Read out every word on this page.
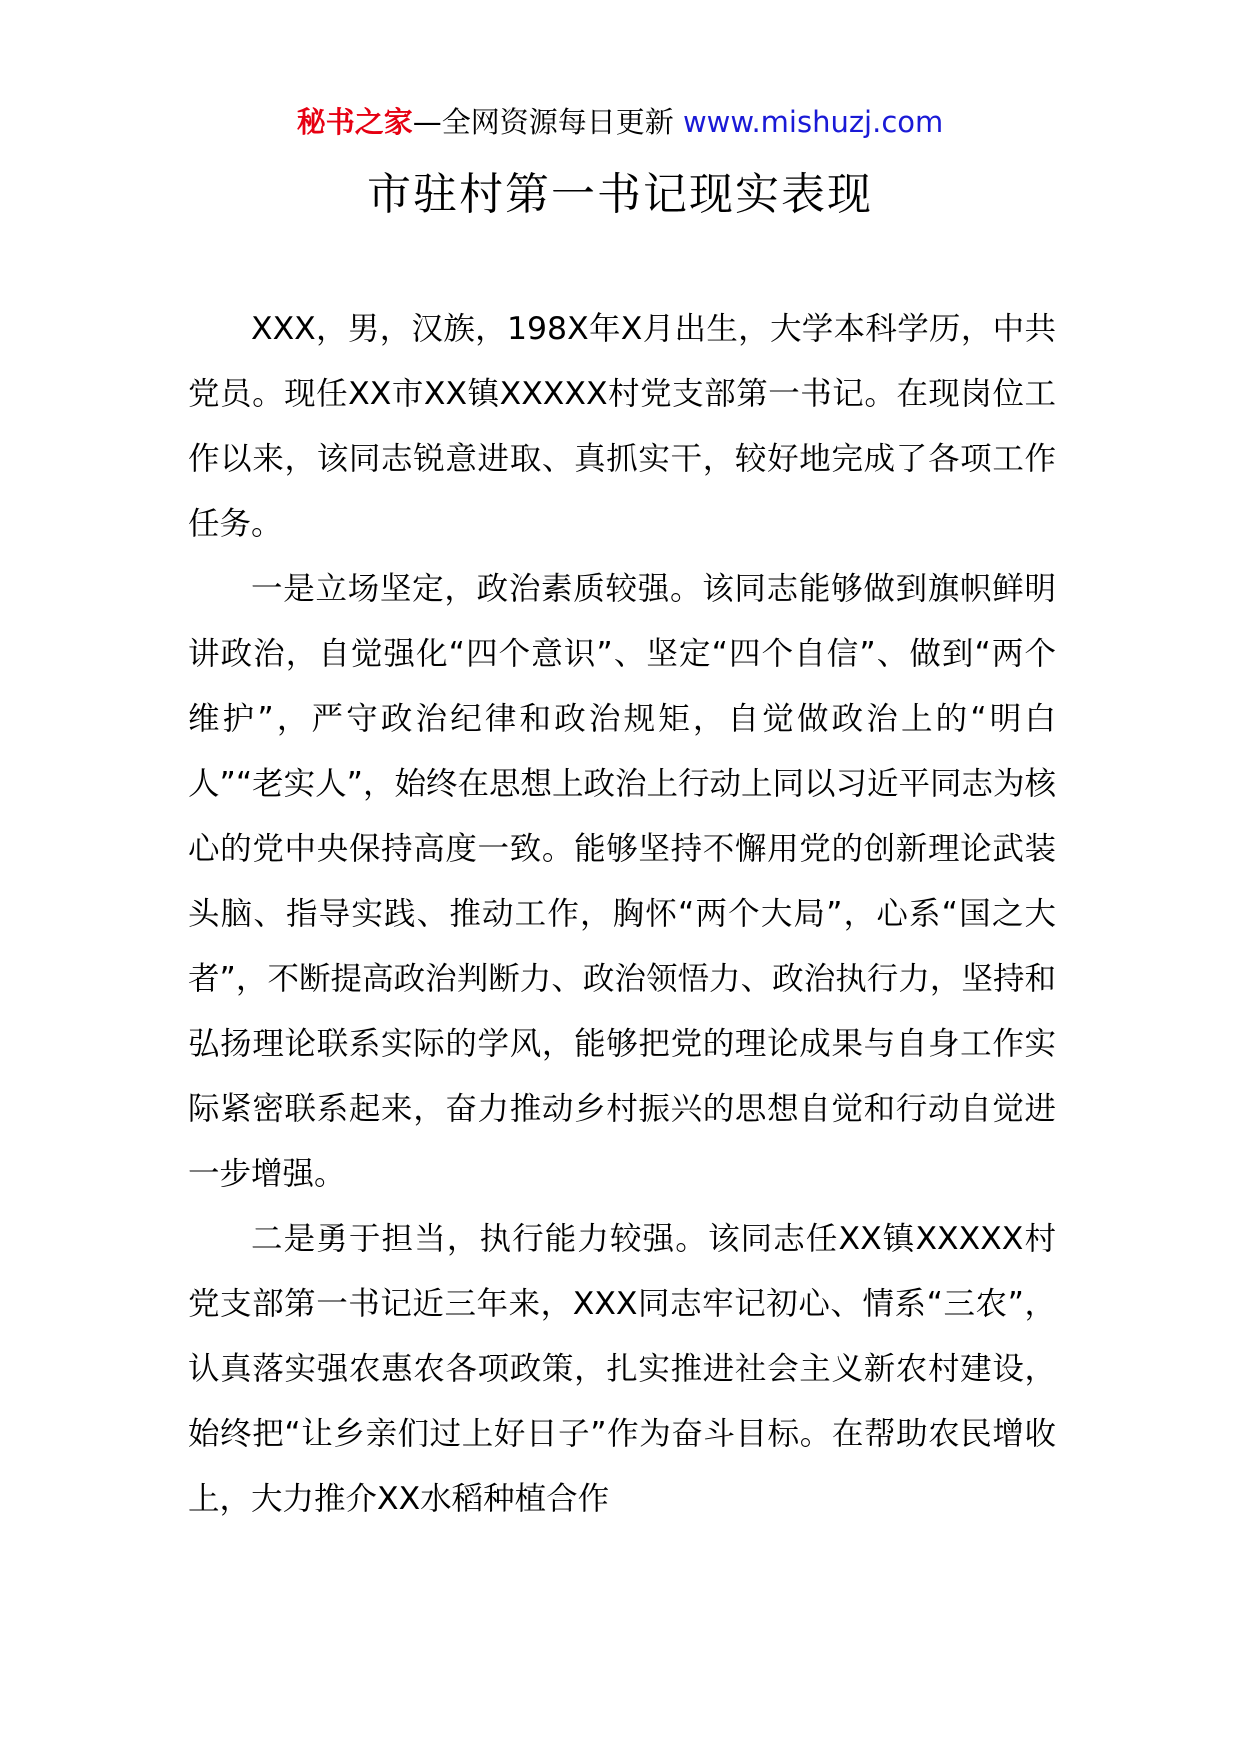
秘书之家—全网资源每日更新 www.mishuzj.com
市驻村第一书记现实表现

XXX，男，汉族，198X年X月出生，大学本科学历，中共党员。现任XX市XX镇XXXXX村党支部第一书记。在现岗位工作以来，该同志锐意进取、真抓实干，较好地完成了各项工作任务。

一是立场坚定，政治素质较强。该同志能够做到旗帜鲜明讲政治，自觉强化“四个意识”、坚定“四个自信”、做到“两个维护”，严守政治纪律和政治规矩，自觉做政治上的“明白人”“老实人”，始终在思想上政治上行动上同以习近平同志为核心的党中央保持高度一致。能够坚持不懈用党的创新理论武装头脑、指导实践、推动工作，胸怀“两个大局”，心系“国之大者”，不断提高政治判断力、政治领悟力、政治执行力，坚持和弘扬理论联系实际的学风，能够把党的理论成果与自身工作实际紧密联系起来，奋力推动乡村振兴的思想自觉和行动自觉进一步增强。

二是勇于担当，执行能力较强。该同志任XX镇XXXXX村党支部第一书记近三年来，XXX同志牢记初心、情系“三农”，认真落实强农惠农各项政策，扎实推进社会主义新农村建设，始终把“让乡亲们过上好日子”作为奋斗目标。在帮助农民增收上，大力推介XX水稻种植合作
